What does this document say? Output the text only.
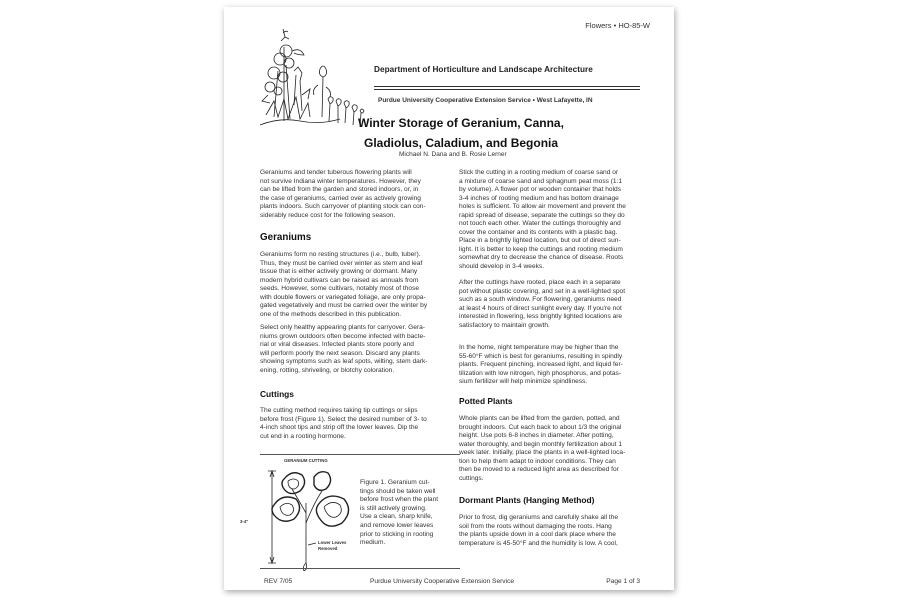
Flowers • HO-85-W
Department of Horticulture and Landscape Architecture
Purdue University Cooperative Extension Service • West Lafayette, IN
Winter Storage of Geranium, Canna,
Gladiolus, Caladium, and Begonia
Michael N. Dana and B. Rosie Lerner

Geraniums and tender tuberous flowering plants will

not survive Indiana winter temperatures. However, they

can be lifted from the garden and stored indoors, or, in

the case of geraniums, carried over as actively growing

plants indoors. Such carryover of planting stock can con-

siderably reduce cost for the following season.

Geraniums

Geraniums form no resting structures (i.e., bulb, tuber).

Thus, they must be carried over winter as stem and leaf

tissue that is either actively growing or dormant. Many

modern hybrid cultivars can be raised as annuals from

seeds. However, some cultivars, notably most of those

with double flowers or variegated foliage, are only propa-

gated vegetatively and must be carried over the winter by

one of the methods described in this publication.

Select only healthy appearing plants for carryover. Gera-

niums grown outdoors often become infected with bacte-

rial or viral diseases. Infected plants store poorly and

will perform poorly the next season. Discard any plants

showing symptoms such as leaf spots, wilting, stem dark-

ening, rotting, shriveling, or blotchy coloration.

Cuttings

The cutting method requires taking tip cuttings or slips

before frost (Figure 1). Select the desired number of 3- to

4-inch shoot tips and strip off the lower leaves. Dip the

cut end in a rooting hormone.

GERANIUM CUTTING
3-4"
Lower Leaves
Removed
Figure 1. Geranium cut-
tings should be taken well
before frost when the plant
is still actively growing.
Use a clean, sharp knife,
and remove lower leaves
prior to sticking in rooting
medium.

Stick the cutting in a rooting medium of coarse sand or

a mixture of coarse sand and sphagnum peat moss (1:1

by volume). A flower pot or wooden container that holds

3-4 inches of rooting medium and has bottom drainage

holes is sufficient. To allow air movement and prevent the

rapid spread of disease, separate the cuttings so they do

not touch each other. Water the cuttings thoroughly and

cover the container and its contents with a plastic bag.

Place in a brightly lighted location, but out of direct sun-

light. It is better to keep the cuttings and rooting medium

somewhat dry to decrease the chance of disease. Roots

should develop in 3-4 weeks.

After the cuttings have rooted, place each in a separate

pot without plastic covering, and set in a well-lighted spot

such as a south window. For flowering, geraniums need

at least 4 hours of direct sunlight every day. If you're not

interested in flowering, less brightly lighted locations are

satisfactory to maintain growth.

In the home, night temperature may be higher than the

55-60°F which is best for geraniums, resulting in spindly

plants. Frequent pinching, increased light, and liquid fer-

tilization with low nitrogen, high phosphorus, and potas-

sium fertilizer will help minimize spindliness.

Potted Plants

Whole plants can be lifted from the garden, potted, and

brought indoors. Cut each back to about 1/3 the original

height. Use pots 6-8 inches in diameter. After potting,

water thoroughly, and begin monthly fertilization about 1

week later. Initially, place the plants in a well-lighted loca-

tion to help them adapt to indoor conditions. They can

then be moved to a reduced light area as described for

cuttings.

Dormant Plants (Hanging Method)

Prior to frost, dig geraniums and carefully shake all the

soil from the roots without damaging the roots. Hang

the plants upside down in a cool dark place where the

temperature is 45-50°F and the humidity is low. A cool,

REV 7/05	Purdue University Cooperative Extension Service	Page 1 of 3
